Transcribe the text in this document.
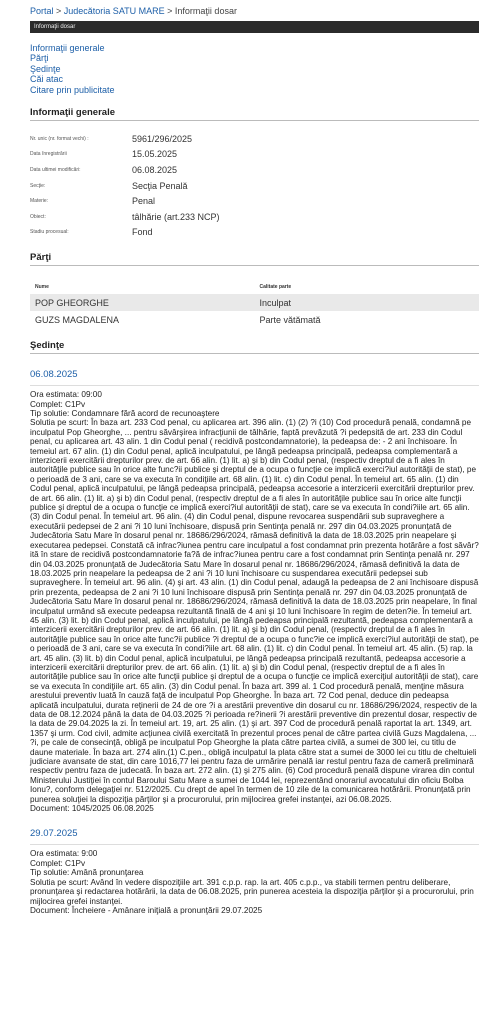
Portal > Judecătoria SATU MARE > Informaţii dosar
Informaţii dosar
Informaţii generale
Părţi
Şedinţe
Căi atac
Citare prin publicitate
Informaţii generale
Nr. unic (nr. format vechi) :	5961/296/2025
Data înregistrării	15.05.2025
Data ultimei modificări:	06.08.2025
Secţie:	Secţia Penală
Materie:	Penal
Obiect:	tâlhărie (art.233 NCP)
Stadiu procesual:	Fond
Părţi
Nume	Calitate parte
POP GHEORGHE	Inculpat
GUZS MAGDALENA	Parte vătămată
Şedinţe
06.08.2025

Ora estimata: 09:00

Complet: C1Pv

Tip solutie: Condamnare fără acord de recunoaştere

Solutia pe scurt: În baza art. 233 Cod penal, cu aplicarea art. 396 alin. (1) (2) ?i (10) Cod procedură penală, condamnă pe inculpatul Pop Gheorghe, ... pentru săvârşirea infracţiunii de tâlhărie, faptă prevăzută ?i pedepsită de art. 233 din Codul penal, cu aplicarea art. 43 alin. 1 din Codul penal ( recidivă postcondamnatorie), la pedeapsa de: - 2 ani închisoare. În temeiul art. 67 alin. (1) din Codul penal, aplică inculpatului, pe lângă pedeapsa principală, pedeapsa complementară a interzicerii exercitării drepturilor prev. de art. 66 alin. (1) lit. a) şi b) din Codul penal, (respectiv dreptul de a fi ales în autorităţile publice sau în orice alte func?ii publice şi dreptul de a ocupa o funcţie ce implică exerci?iul autorităţii de stat), pe o perioadă de 3 ani, care se va executa în condiţiile art. 68 alin. (1) lit. c) din Codul penal. În temeiul art. 65 alin. (1) din Codul penal, aplică inculpatului, pe lângă pedeapsa principală, pedeapsa accesorie a interzicerii exercitării drepturilor prev. de art. 66 alin. (1) lit. a) şi b) din Codul penal, (respectiv dreptul de a fi ales în autorităţile publice sau în orice alte funcţii publice şi dreptul de a ocupa o funcţie ce implică exerci?iul autorităţii de stat), care se va executa în condi?iile art. 65 alin. (3) din Codul penal. În temeiul art. 96 alin. (4) din Codul penal, dispune revocarea suspendării sub supraveghere a executării pedepsei de 2 ani ?i 10 luni închisoare, dispusă prin Sentinţa penală nr. 297 din 04.03.2025 pronunţată de Judecătoria Satu Mare în dosarul penal nr. 18686/296/2024, rămasă definitivă la data de 18.03.2025 prin neapelare şi executarea pedepsei. Constată că infrac?iunea pentru care inculpatul a fost condamnat prin prezenta hotărâre a fost săvâr?ită în stare de recidivă postcondamnatorie fa?ă de infrac?iunea pentru care a fost condamnat prin Sentinţa penală nr. 297 din 04.03.2025 pronunţată de Judecătoria Satu Mare în dosarul penal nr. 18686/296/2024, rămasă definitivă la data de 18.03.2025 prin neapelare la pedeapsa de 2 ani ?i 10 luni închisoare cu suspendarea executării pedepsei sub supraveghere. În temeiul art. 96 alin. (4) şi art. 43 alin. (1) din Codul penal, adaugă la pedeapsa de 2 ani închisoare dispusă prin prezenta, pedeapsa de 2 ani ?i 10 luni închisoare dispusă prin Sentinţa penală nr. 297 din 04.03.2025 pronunţată de Judecătoria Satu Mare în dosarul penal nr. 18686/296/2024, rămasă definitivă la data de 18.03.2025 prin neapelare, în final inculpatul urmând să execute pedeapsa rezultantă finală de 4 ani şi 10 luni închisoare în regim de deten?ie. În temeiul art. 45 alin. (3) lit. b) din Codul penal, aplică inculpatului, pe lângă pedeapsa principală rezultantă, pedeapsa complementară a interzicerii exercitării drepturilor prev. de art. 66 alin. (1) lit. a) şi b) din Codul penal, (respectiv dreptul de a fi ales în autorităţile publice sau în orice alte func?ii publice ?i dreptul de a ocupa o func?ie ce implică exerci?iul autorităţii de stat), pe o perioadă de 3 ani, care se va executa în condi?iile art. 68 alin. (1) lit. c) din Codul penal. În temeiul art. 45 alin. (5) rap. la art. 45 alin. (3) lit. b) din Codul penal, aplică inculpatului, pe lângă pedeapsa principală rezultantă, pedeapsa accesorie a interzicerii exercitării drepturilor prev. de art. 66 alin. (1) lit. a) şi b) din Codul penal, (respectiv dreptul de a fi ales în autorităţile publice sau în orice alte funcţii publice şi dreptul de a ocupa o funcţie ce implică exerciţiul autorităţii de stat), care se va executa în condiţiile art. 65 alin. (3) din Codul penal. În baza art. 399 al. 1 Cod procedură penală, menţine măsura arestului preventiv luată în cauză faţă de inculpatul Pop Gheorghe. În baza art. 72 Cod penal, deduce din pedeapsa aplicată inculpatului, durata reţinerii de 24 de ore ?i a arestării preventive din dosarul cu nr. 18686/296/2024, respectiv de la data de 08.12.2024 până la data de 04.03.2025 ?i perioada re?inerii ?i arestării preventive din prezentul dosar, respectiv de la data de 29.04.2025 la zi. În temeiul art. 19, art. 25 alin. (1) şi art. 397 Cod de procedură penală raportat la art. 1349, art. 1357 şi urm. Cod civil, admite acţiunea civilă exercitată în prezentul proces penal de către partea civilă Guzs Magdalena, ... ?i, pe cale de consecinţă, obligă pe inculpatul Pop Gheorghe la plata către partea civilă, a sumei de 300 lei, cu titlu de daune materiale. În baza art. 274 alin.(1) C.pen., obligă inculpatul la plata către stat a sumei de 3000 lei cu titlu de cheltuieli judiciare avansate de stat, din care 1016,77 lei pentru faza de urmărire penală iar restul pentru faza de cameră preliminară respectiv pentru faza de judecată. În baza art. 272 alin. (1) şi 275 alin. (6) Cod procedură penală dispune virarea din contul Ministerului Justiţiei în contul Baroului Satu Mare a sumei de 1044 lei, reprezentând onorariul avocatului din oficiu Bolba Ionu?, conform delegaţiei nr. 512/2025. Cu drept de apel în termen de 10 zile de la comunicarea hotărârii. Pronunţată prin punerea soluţiei la dispoziţia părţilor şi a procurorului, prin mijlocirea grefei instanţei, azi 06.08.2025.

Document: 1045/2025 06.08.2025

29.07.2025

Ora estimata: 9:00

Complet: C1Pv

Tip solutie: Amână pronunţarea

Solutia pe scurt: Având în vedere dispoziţiile art. 391 c.p.p. rap. la art. 405 c.p.p., va stabili termen pentru deliberare, pronunţarea şi redactarea hotărârii, la data de 06.08.2025, prin punerea acesteia la dispoziţia părţilor şi a procurorului, prin mijlocirea grefei instanţei.

Document: Încheiere - Amânare iniţială a pronunţării 29.07.2025
